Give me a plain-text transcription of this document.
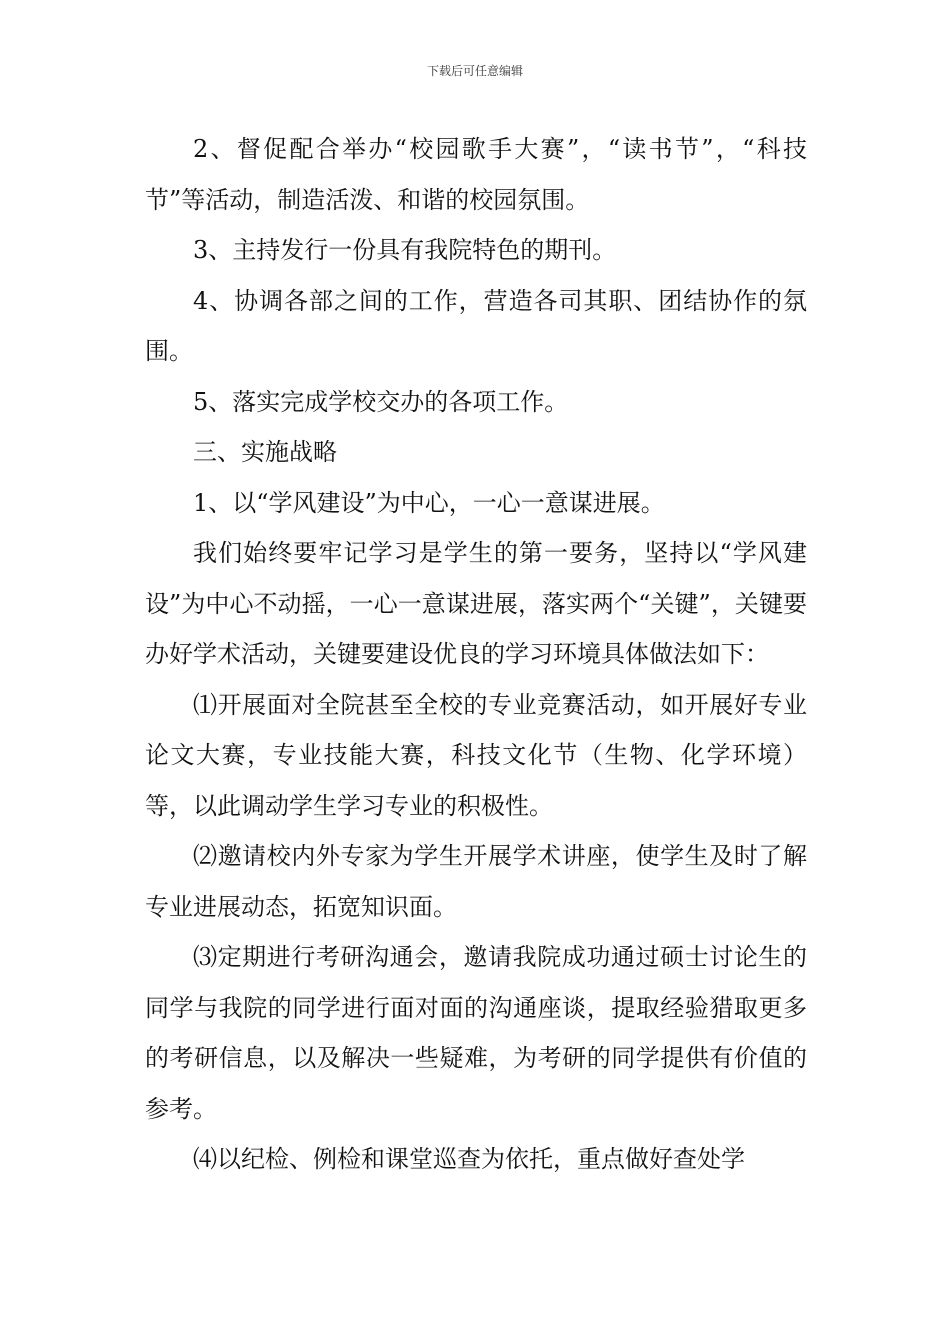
下载后可任意编辑

2、督促配合举办“校园歌手大赛”，“读书节”，“科技节”等活动，制造活泼、和谐的校园氛围。

3、主持发行一份具有我院特色的期刊。

4、协调各部之间的工作，营造各司其职、团结协作的氛围。

5、落实完成学校交办的各项工作。

三、实施战略

1、以“学风建设”为中心，一心一意谋进展。

我们始终要牢记学习是学生的第一要务，坚持以“学风建设”为中心不动摇，一心一意谋进展，落实两个“关键”，关键要办好学术活动，关键要建设优良的学习环境具体做法如下：

⑴开展面对全院甚至全校的专业竞赛活动，如开展好专业论文大赛，专业技能大赛，科技文化节（生物、化学环境）等，以此调动学生学习专业的积极性。

⑵邀请校内外专家为学生开展学术讲座，使学生及时了解专业进展动态，拓宽知识面。

⑶定期进行考研沟通会，邀请我院成功通过硕士讨论生的同学与我院的同学进行面对面的沟通座谈，提取经验猎取更多的考研信息，以及解决一些疑难，为考研的同学提供有价值的参考。

⑷以纪检、例检和课堂巡查为依托，重点做好查处学
